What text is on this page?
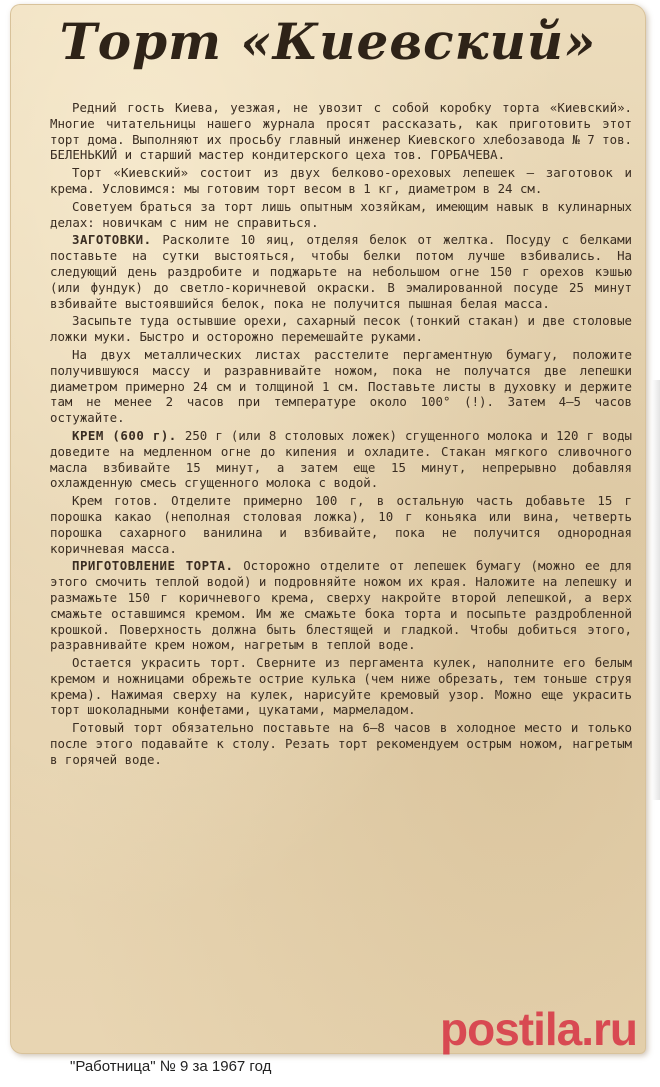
Торт «Киевский»

Редний гость Киева, уезжая, не увозит с собой коробку торта «Киевский». Многие читательницы нашего журнала просят рассказать, как приготовить этот торт дома. Выполняют их просьбу главный инженер Киевского хлебозавода № 7 тов. БЕЛЕНЬКИЙ и старший мастер кондитерского цеха тов. ГОРБАЧЕВА.

Торт «Киевский» состоит из двух белково-ореховых лепешек — заготовок и крема. Условимся: мы готовим торт весом в 1 кг, диаметром в 24 см.

Советуем браться за торт лишь опытным хозяйкам, имеющим навык в кулинарных делах: новичкам с ним не справиться.

ЗАГОТОВКИ. Расколите 10 яиц, отделяя белок от желтка. Посуду с белками поставьте на сутки выстояться, чтобы белки потом лучше взбивались. На следующий день раздробите и поджарьте на небольшом огне 150 г орехов кэшью (или фундук) до светло-коричневой окраски. В эмалированной посуде 25 минут взбивайте выстоявшийся белок, пока не получится пышная белая масса.

Засыпьте туда остывшие орехи, сахарный песок (тонкий стакан) и две столовые ложки муки. Быстро и осторожно перемешайте руками.

На двух металлических листах расстелите пергаментную бумагу, положите получившуюся массу и разравнивайте ножом, пока не получатся две лепешки диаметром примерно 24 см и толщиной 1 см. Поставьте листы в духовку и держите там не менее 2 часов при температуре около 100° (!). Затем 4—5 часов остужайте.

КРЕМ (600 г). 250 г (или 8 столовых ложек) сгущенного молока и 120 г воды доведите на медленном огне до кипения и охладите. Стакан мягкого сливочного масла взбивайте 15 минут, а затем еще 15 минут, непрерывно добавляя охлажденную смесь сгущенного молока с водой.

Крем готов. Отделите примерно 100 г, в остальную часть добавьте 15 г порошка какао (неполная столовая ложка), 10 г коньяка или вина, четверть порошка сахарного ванилина и взбивайте, пока не получится однородная коричневая масса.

ПРИГОТОВЛЕНИЕ ТОРТА. Осторожно отделите от лепешек бумагу (можно ее для этого смочить теплой водой) и подровняйте ножом их края. Наложите на лепешку и размажьте 150 г коричневого крема, сверху накройте второй лепешкой, а верх смажьте оставшимся кремом. Им же смажьте бока торта и посыпьте раздробленной крошкой. Поверхность должна быть блестящей и гладкой. Чтобы добиться этого, разравнивайте крем ножом, нагретым в теплой воде.

Остается украсить торт. Сверните из пергамента кулек, наполните его белым кремом и ножницами обрежьте острие кулька (чем ниже обрезать, тем тоньше струя крема). Нажимая сверху на кулек, нарисуйте кремовый узор. Можно еще украсить торт шоколадными конфетами, цукатами, мармеладом.

Готовый торт обязательно поставьте на 6—8 часов в холодное место и только после этого подавайте к столу. Резать торт рекомендуем острым ножом, нагретым в горячей воде.

"Работница" № 9 за 1967 год
postila.ru
